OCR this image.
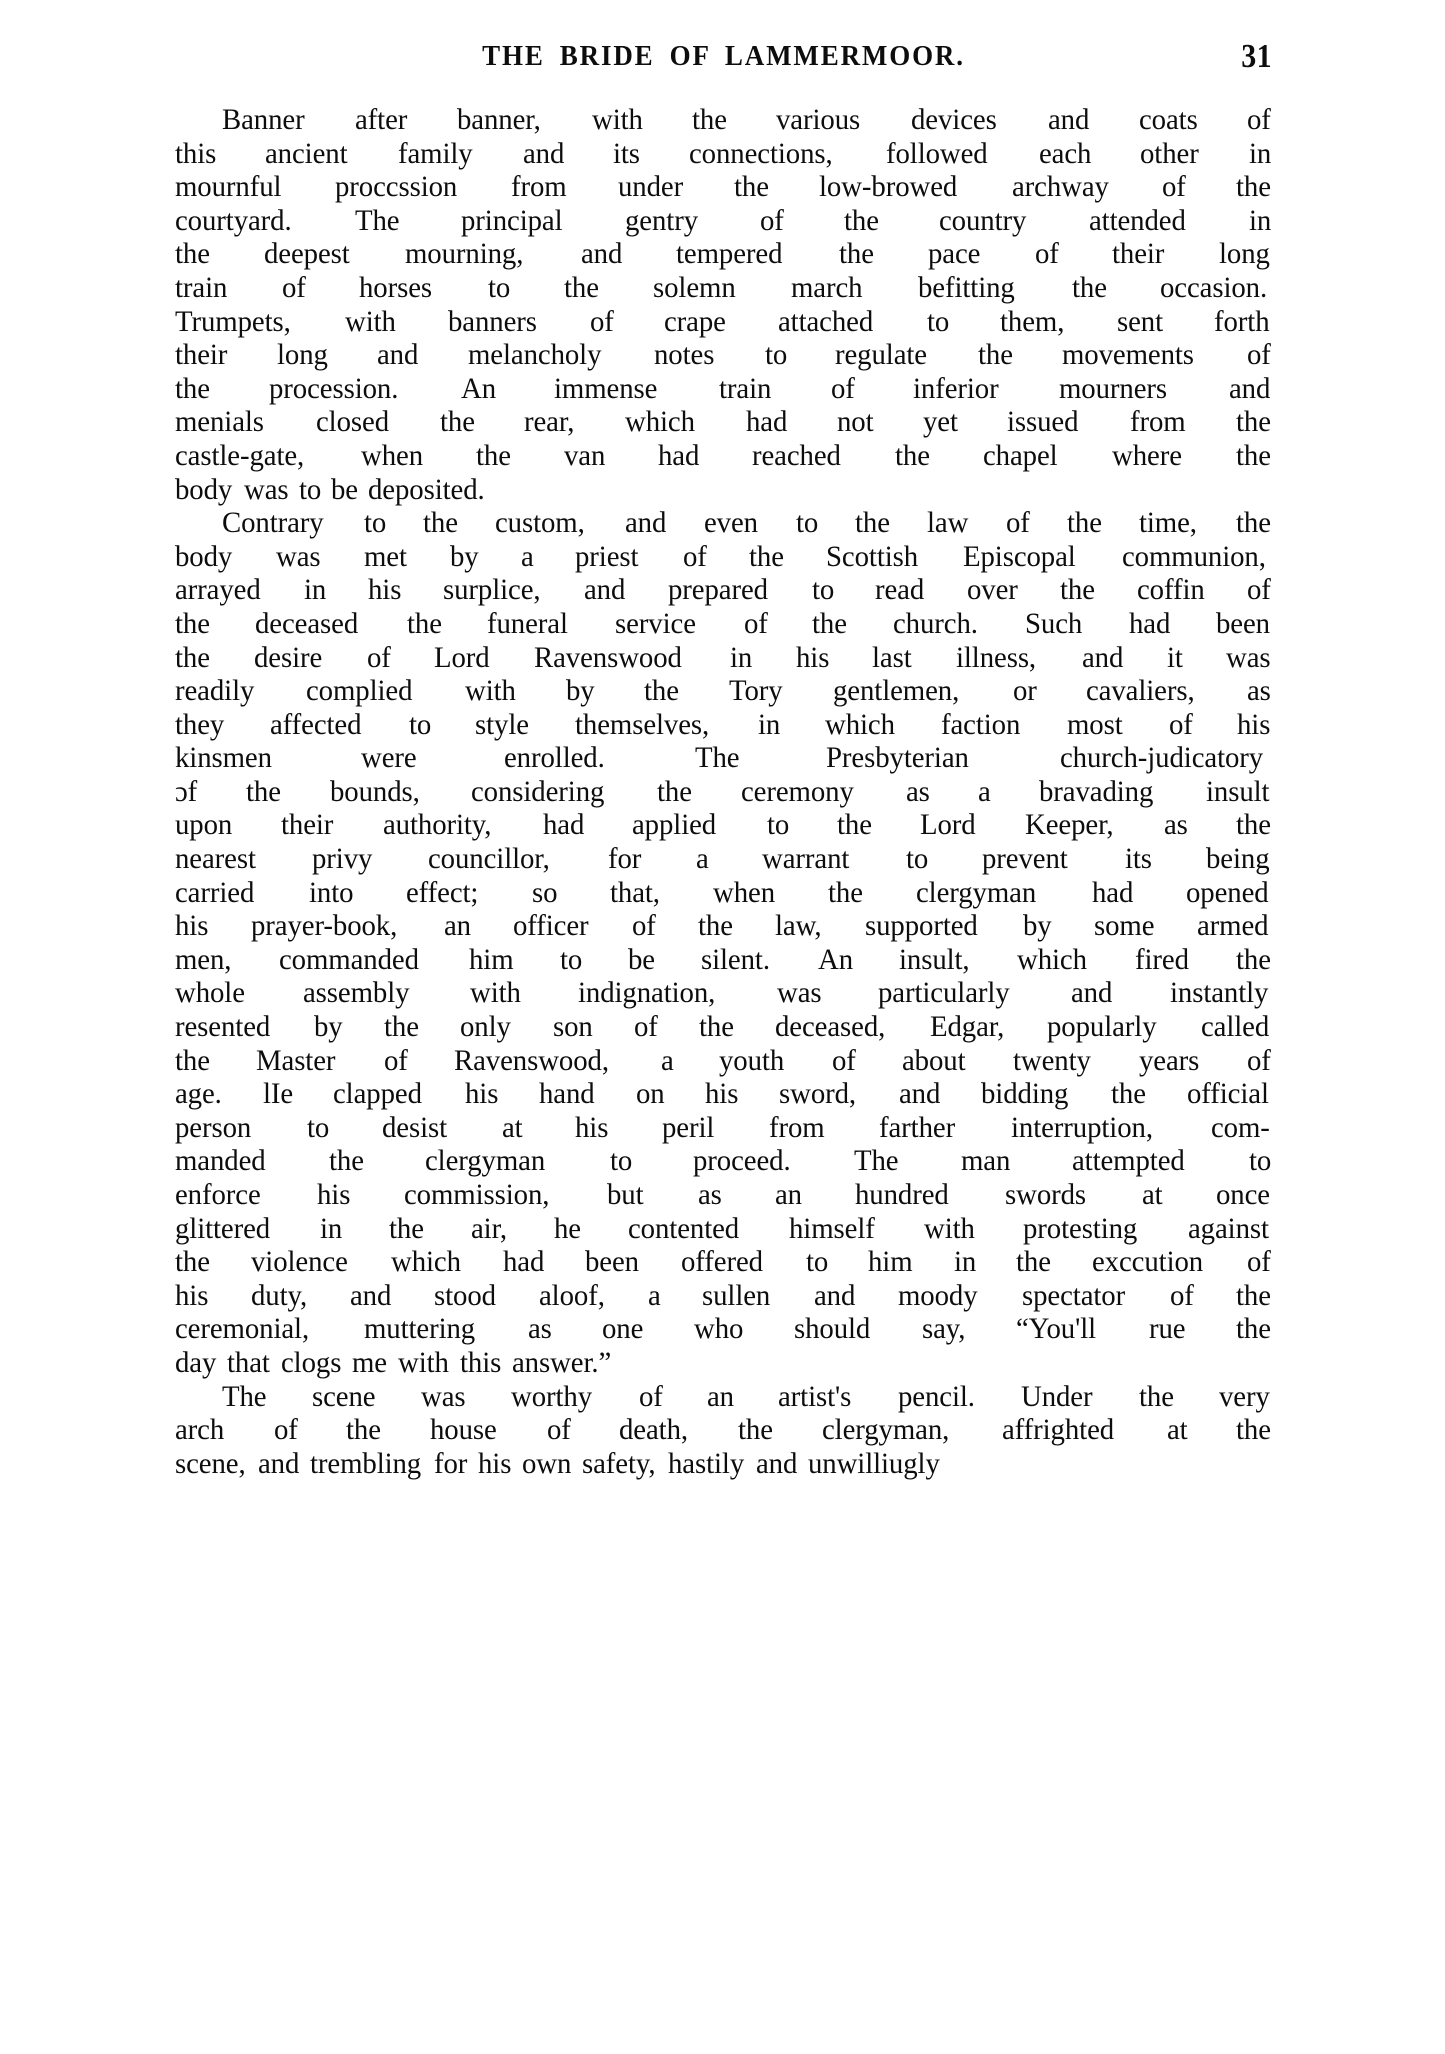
THE BRIDE OF LAMMERMOOR.	31
Banner after banner, with the various devices and coats of
this ancient family and its connections, followed each other in
mournful proccssion from under the low-browed archway of the
courtyard. The principal gentry of the country attended in
the deepest mourning, and tempered the pace of their long
train of horses to the solemn march befitting the occasion.
Trumpets, with banners of crape attached to them, sent forth
their long and melancholy notes to regulate the movements of
the procession. An immense train of inferior mourners and
menials closed the rear, which had not yet issued from the
castle-gate, when the van had reached the chapel where the
body was to be deposited.
Contrary to the custom, and even to the law of the time, the
body was met by a priest of the Scottish Episcopal communion,
arrayed in his surplice, and prepared to read over the coffin of
the deceased the funeral service of the church. Such had been
the desire of Lord Ravenswood in his last illness, and it was
readily complied with by the Tory gentlemen, or cavaliers, as
they affected to style themselves, in which faction most of his
kinsmen	were	enrolled.	The	Presbyterian	church-judicatory
ɔf the bounds, considering the ceremony as a bravading insult
upon their authority, had applied to the Lord Keeper, as the
nearest privy councillor, for a warrant to prevent its being
carried into effect; so that, when the clergyman had opened
his prayer-book, an officer of the law, supported by some armed
men, commanded him to be silent. An insult, which fired the
whole assembly with indignation, was particularly and instantly
resented by the only son of the deceased, Edgar, popularly called
the Master of Ravenswood, a youth of about twenty years of
age. lIe clapped his hand on his sword, and bidding the official
person to desist at his peril from farther interruption, com-
manded the clergyman to proceed. The man attempted to
enforce his commission, but as an hundred swords at once
glittered in the air, he contented himself with protesting against
the violence which had been offered to him in the exccution of
his duty, and stood aloof, a sullen and moody spectator of the
ceremonial, muttering as one who should say, “You'll rue the
day that clogs me with this answer.”
The scene was worthy of an artist's pencil. Under the very
arch of the house of death, the clergyman, affrighted at the
scene, and trembling for his own safety, hastily and unwilliugly
